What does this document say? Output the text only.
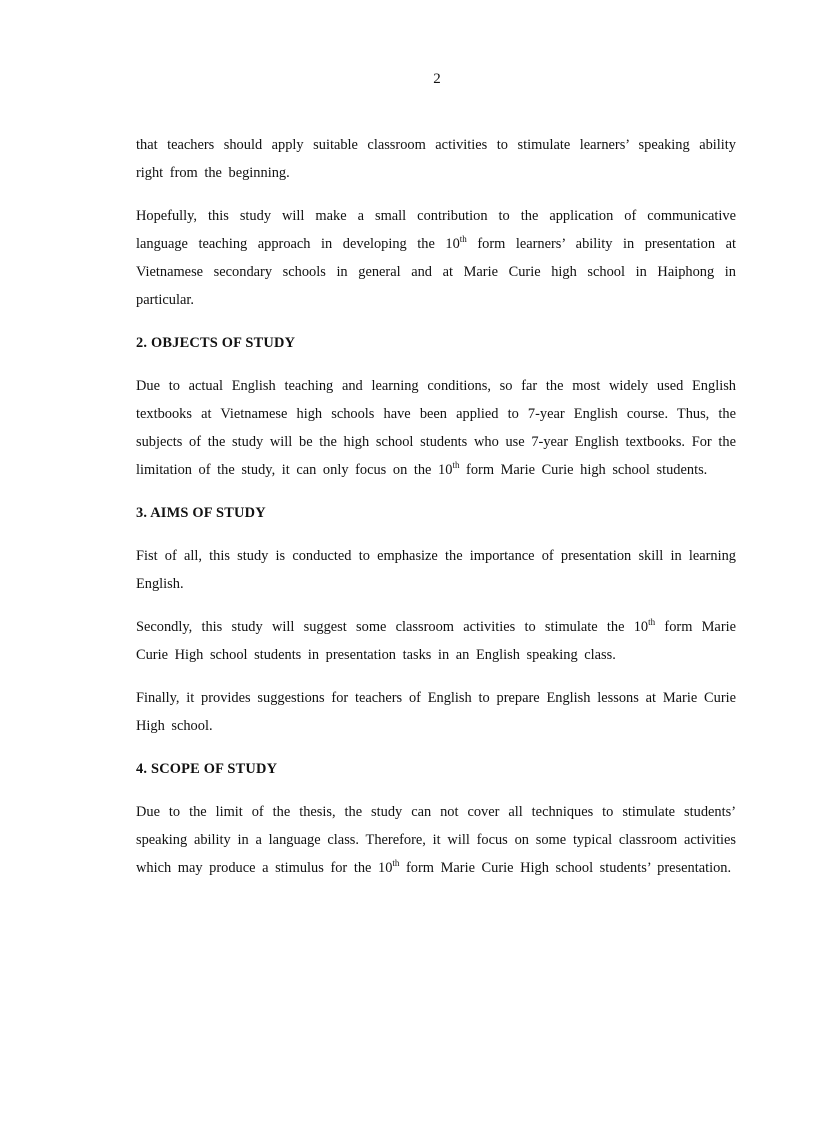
2

that teachers should apply suitable classroom activities to stimulate learners’ speaking ability right from the beginning.

Hopefully, this study will make a small contribution to the application of communicative language teaching approach in developing the 10th form learners’ ability in presentation at Vietnamese secondary schools in general and at Marie Curie high school in Haiphong in particular.

2. OBJECTS OF STUDY

Due to actual English teaching and learning conditions, so far the most widely used English textbooks at Vietnamese high schools have been applied to 7-year English course. Thus, the subjects of the study will be the high school students who use 7-year English textbooks. For the limitation of the study, it can only focus on the 10th form Marie Curie high school students.

3. AIMS OF STUDY

Fist of all, this study is conducted to emphasize the importance of presentation skill in learning English.

Secondly, this study will suggest some classroom activities to stimulate the 10th form Marie Curie High school students in presentation tasks in an English speaking class.

Finally, it provides suggestions for teachers of English to prepare English lessons at Marie Curie High school.

4. SCOPE OF STUDY

Due to the limit of the thesis, the study can not cover all techniques to stimulate students’ speaking ability in a language class. Therefore, it will focus on some typical classroom activities which may produce a stimulus for the 10th form Marie Curie High school students’ presentation.
